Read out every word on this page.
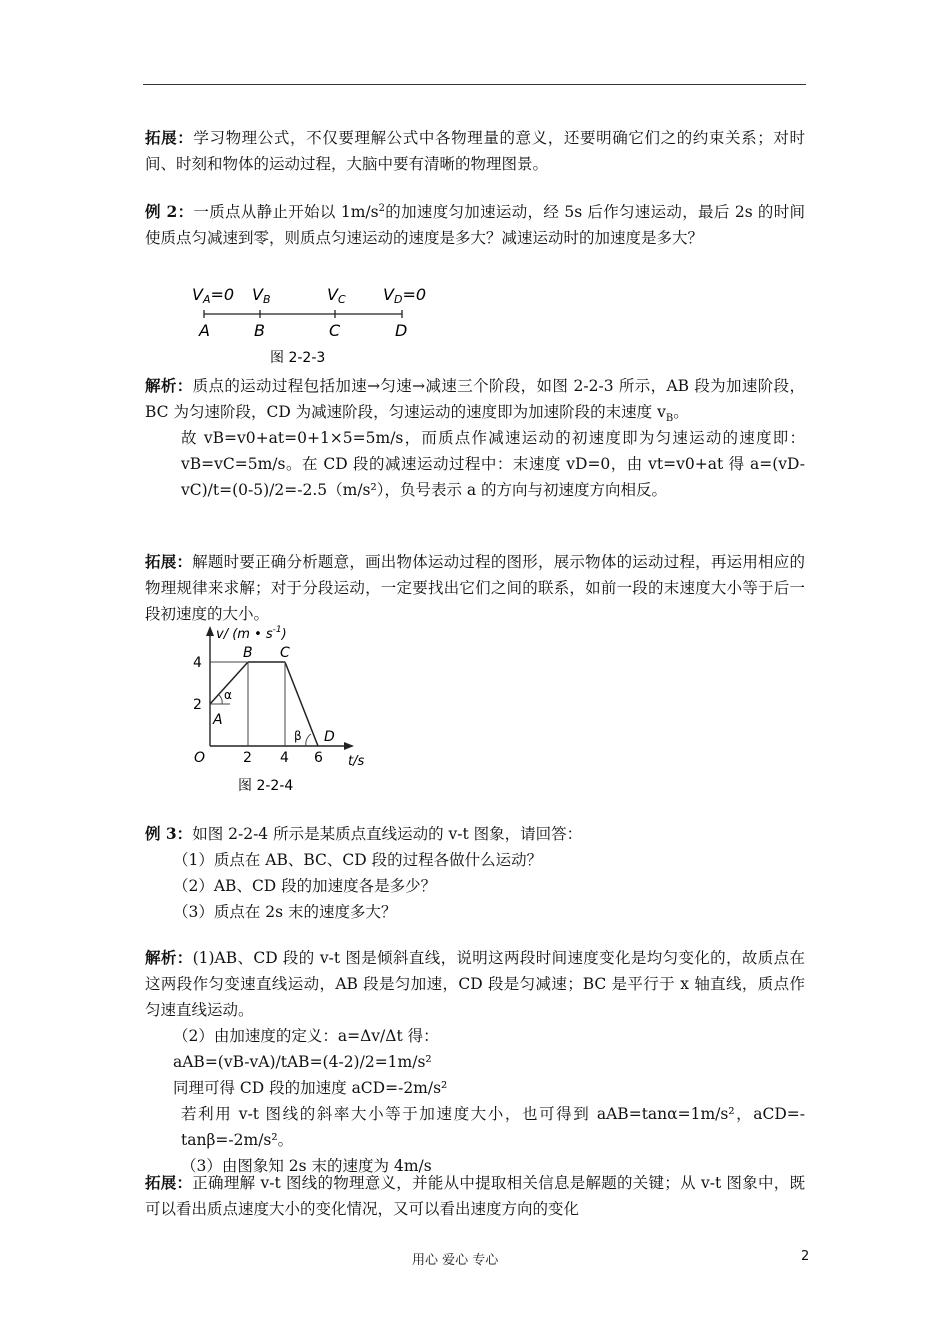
拓展：学习物理公式，不仅要理解公式中各物理量的意义，还要明确它们之的约束关系；对时间、时刻和物体的运动过程，大脑中要有清晰的物理图景。

例 2：一质点从静止开始以 $1m/s^2$的加速度匀加速运动，经 5s 后作匀速运动，最后 2s 的时间使质点匀减速到零，则质点匀速运动的速度是多大？减速运动时的加速度是多大？

VA=0 VB	VC VD=0
A	B	C	D
图 2-2-3

解析：质点的运动过程包括加速→匀速→减速三个阶段，如图 2-2-3 所示，AB 段为加速阶段，BC 为匀速阶段，CD 为减速阶段，匀速运动的速度即为加速阶段的末速度 $v_B$。
故 vB=v0+at=0+1×5=5m/s，而质点作减速运动的初速度即为匀速运动的速度即：vB=vC=5m/s。在 CD 段的减速运动过程中：末速度 vD=0，由 vt=v0+at 得 a=(vD-vC)/t=(0-5)/2=-2.5（m/s²），负号表示 a 的方向与初速度方向相反。

拓展：解题时要正确分析题意，画出物体运动过程的图形，展示物体的运动过程，再运用相应的物理规律来求解；对于分段运动，一定要找出它们之间的联系，如前一段的末速度大小等于后一段初速度的大小。

v/ (m • $s^{-1}$)
4
2
O	2 4 6 t/s
A
B C
D
α
β
图 2-2-4

例 3：如图 2-2-4 所示是某质点直线运动的 v-t 图象，请回答：
（1）质点在 AB、BC、CD 段的过程各做什么运动？
（2）AB、CD 段的加速度各是多少？
（3）质点在 2s 末的速度多大？

解析：(1)AB、CD 段的 v-t 图是倾斜直线，说明这两段时间速度变化是均匀变化的，故质点在这两段作匀变速直线运动，AB 段是匀加速，CD 段是匀减速；BC 是平行于 x 轴直线，质点作匀速直线运动。
（2）由加速度的定义：a=Δv/Δt 得：
aAB=(vB-vA)/tAB=(4-2)/2=1m/s²
同理可得 CD 段的加速度 aCD=-2m/s²
若利用 v-t 图线的斜率大小等于加速度大小，也可得到 aAB=tanα=1m/s²，aCD=-tanβ=-2m/s²。
（3）由图象知 2s 末的速度为 4m/s

拓展：正确理解 v-t 图线的物理意义，并能从中提取相关信息是解题的关键；从 v-t 图象中，既可以看出质点速度大小的变化情况，又可以看出速度方向的变化

用心 爱心 专心	2
